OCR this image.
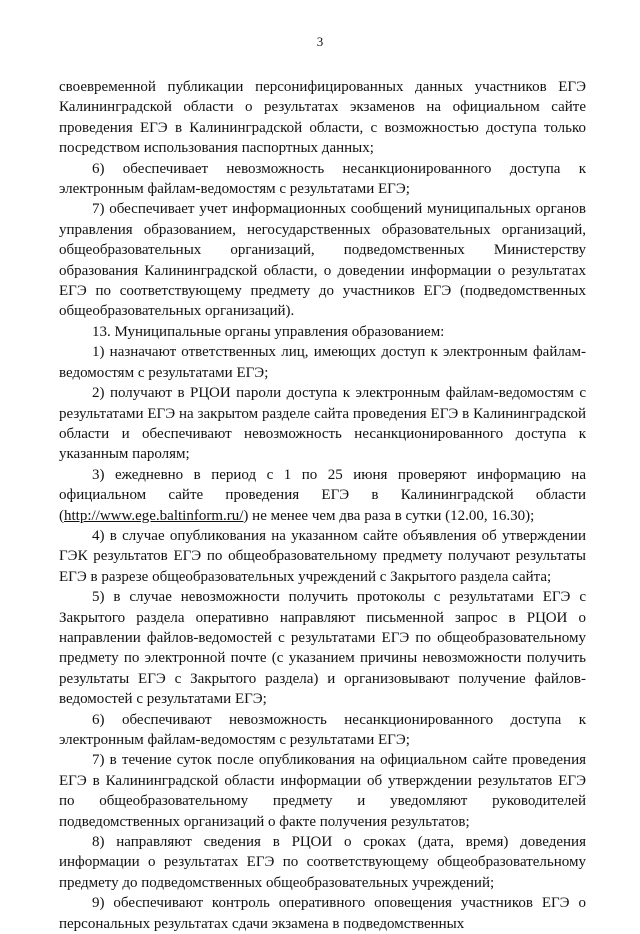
3

своевременной публикации персонифицированных данных участников ЕГЭ Калининградской области о результатах экзаменов на официальном сайте проведения ЕГЭ в Калининградской области, с возможностью доступа только посредством использования паспортных данных;

6) обеспечивает невозможность несанкционированного доступа к электронным файлам-ведомостям с результатами ЕГЭ;

7) обеспечивает учет информационных сообщений муниципальных органов управления образованием, негосударственных образовательных организаций, общеобразовательных организаций, подведомственных Министерству образования Калининградской области, о доведении информации о результатах ЕГЭ по соответствующему предмету до участников ЕГЭ (подведомственных общеобразовательных организаций).

13. Муниципальные органы управления образованием:

1) назначают ответственных лиц, имеющих доступ к электронным файлам-ведомостям с результатами ЕГЭ;

2) получают в РЦОИ пароли доступа к электронным файлам-ведомостям с результатами ЕГЭ на закрытом разделе сайта проведения ЕГЭ в Калининградской области и обеспечивают невозможность несанкционированного доступа к указанным паролям;

3) ежедневно в период с 1 по 25 июня проверяют информацию на официальном сайте проведения ЕГЭ в Калининградской области (http://www.ege.baltinform.ru/) не менее чем два раза в сутки (12.00, 16.30);

4) в случае опубликования на указанном сайте объявления об утверждении ГЭК результатов ЕГЭ по общеобразовательному предмету получают результаты ЕГЭ в разрезе общеобразовательных учреждений с Закрытого раздела сайта;

5) в случае невозможности получить протоколы с результатами ЕГЭ с Закрытого раздела оперативно направляют письменной запрос в РЦОИ о направлении файлов-ведомостей с результатами ЕГЭ по общеобразовательному предмету по электронной почте (с указанием причины невозможности получить результаты ЕГЭ с Закрытого раздела) и организовывают получение файлов-ведомостей с результатами ЕГЭ;

6) обеспечивают невозможность несанкционированного доступа к электронным файлам-ведомостям с результатами ЕГЭ;

7) в течение суток после опубликования на официальном сайте проведения ЕГЭ в Калининградской области информации об утверждении результатов ЕГЭ по общеобразовательному предмету и уведомляют руководителей подведомственных организаций о факте получения результатов;

8) направляют сведения в РЦОИ о сроках (дата, время) доведения информации о результатах ЕГЭ по соответствующему общеобразовательному предмету до подведомственных общеобразовательных учреждений;

9) обеспечивают контроль оперативного оповещения участников ЕГЭ о персональных результатах сдачи экзамена в подведомственных
